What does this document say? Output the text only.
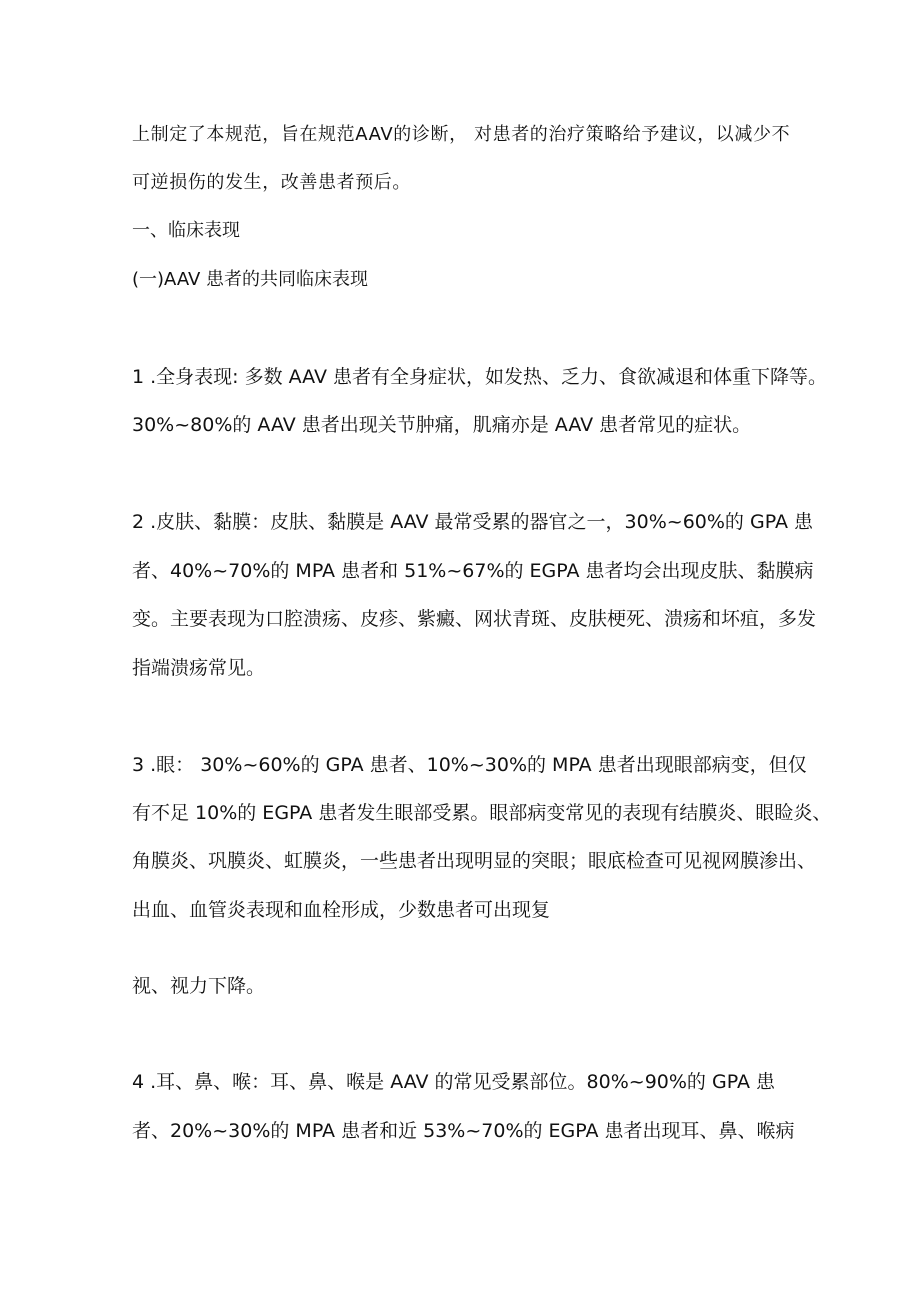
上制定了本规范，旨在规范AAV的诊断， 对患者的治疗策略给予建议，以减少不
可逆损伤的发生，改善患者预后。
一、临床表现
(一)AAV 患者的共同临床表现
1 .全身表现: 多数 AAV 患者有全身症状，如发热、乏力、食欲减退和体重下降等。
30%~80%的 AAV 患者出现关节肿痛，肌痛亦是 AAV 患者常见的症状。
2 .皮肤、黏膜：皮肤、黏膜是 AAV 最常受累的器官之一，30%~60%的 GPA 患
者、40%~70%的 MPA 患者和 51%~67%的 EGPA 患者均会出现皮肤、黏膜病
变。主要表现为口腔溃疡、皮疹、紫癜、网状青斑、皮肤梗死、溃疡和坏疽，多发
指端溃疡常见。
3 .眼： 30%~60%的 GPA 患者、10%~30%的 MPA 患者出现眼部病变，但仅
有不足 10%的 EGPA 患者发生眼部受累。眼部病变常见的表现有结膜炎、眼睑炎、
角膜炎、巩膜炎、虹膜炎，一些患者出现明显的突眼；眼底检查可见视网膜渗出、
出血、血管炎表现和血栓形成，少数患者可出现复
视、视力下降。
4 .耳、鼻、喉：耳、鼻、喉是 AAV 的常见受累部位。80%~90%的 GPA 患
者、20%~30%的 MPA 患者和近 53%~70%的 EGPA 患者出现耳、鼻、喉病
